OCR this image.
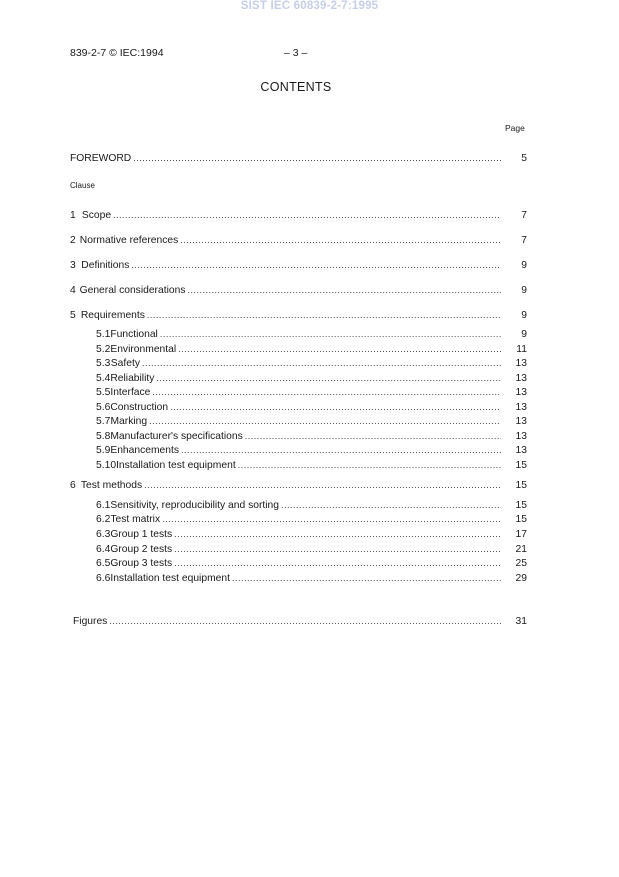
SIST IEC 60839-2-7:1995
839-2-7 © IEC:1994	– 3 –
CONTENTS
Page
FOREWORD .....	5
Clause
1 Scope .....	7
2 Normative references .....	7
3 Definitions .....	9
4 General considerations .....	9
5 Requirements .....	9
5.1 Functional .....	9
5.2 Environmental .....	11
5.3 Safety .....	13
5.4 Reliability .....	13
5.5 Interface .....	13
5.6 Construction .....	13
5.7 Marking .....	13
5.8 Manufacturer's specifications .....	13
5.9 Enhancements .....	13
5.10 Installation test equipment .....	15
6 Test methods .....	15
6.1 Sensitivity, reproducibility and sorting .....	15
6.2 Test matrix .....	15
6.3 Group 1 tests .....	17
6.4 Group 2 tests .....	21
6.5 Group 3 tests .....	25
6.6 Installation test equipment .....	29
Figures .....	31
